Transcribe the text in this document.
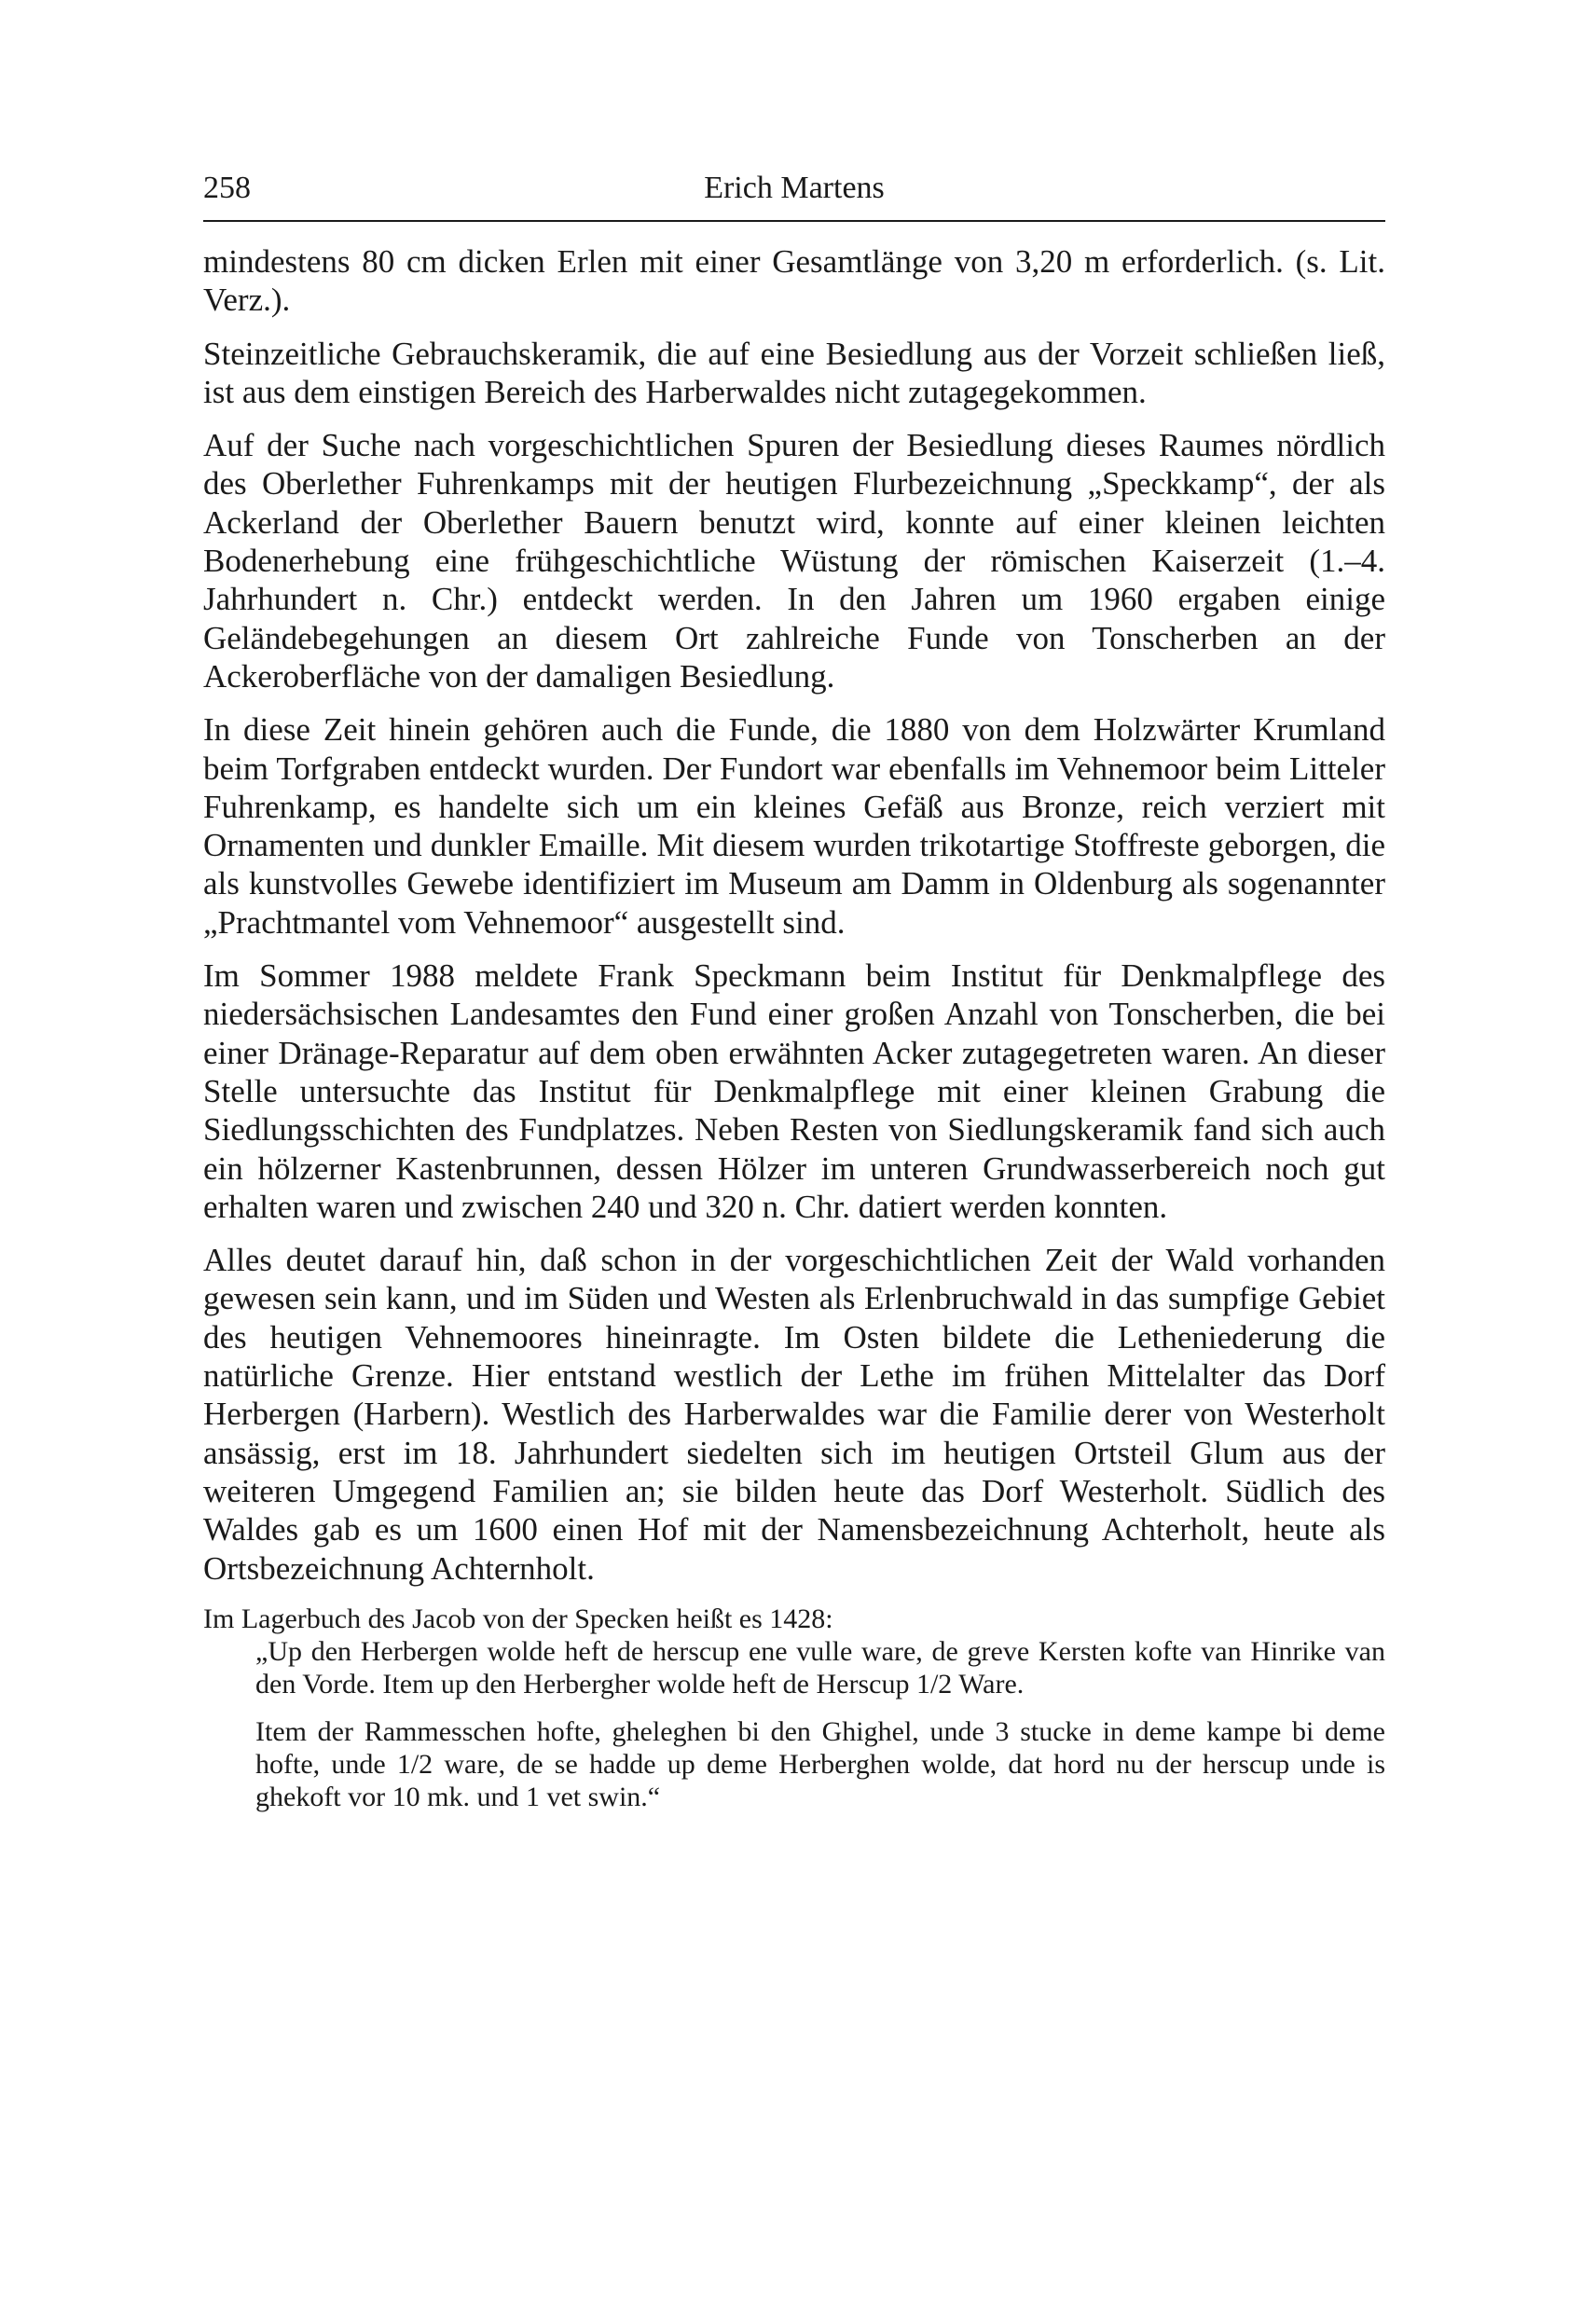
258	Erich Martens

mindestens 80 cm dicken Erlen mit einer Gesamtlänge von 3,20 m erforderlich. (s. Lit. Verz.).

Steinzeitliche Gebrauchskeramik, die auf eine Besiedlung aus der Vorzeit schließen ließ, ist aus dem einstigen Bereich des Harberwaldes nicht zutagegekommen.

Auf der Suche nach vorgeschichtlichen Spuren der Besiedlung dieses Raumes nördlich des Oberlether Fuhrenkamps mit der heutigen Flurbezeichnung „Speckkamp“, der als Ackerland der Oberlether Bauern benutzt wird, konnte auf einer kleinen leichten Bodenerhebung eine frühgeschichtliche Wüstung der römischen Kaiserzeit (1.–4. Jahrhundert n. Chr.) entdeckt werden. In den Jahren um 1960 ergaben einige Geländebegehungen an diesem Ort zahlreiche Funde von Tonscherben an der Ackeroberfläche von der damaligen Besiedlung.

In diese Zeit hinein gehören auch die Funde, die 1880 von dem Holzwärter Krumland beim Torfgraben entdeckt wurden. Der Fundort war ebenfalls im Vehnemoor beim Litteler Fuhrenkamp, es handelte sich um ein kleines Gefäß aus Bronze, reich verziert mit Ornamenten und dunkler Emaille. Mit diesem wurden trikotartige Stoffreste geborgen, die als kunstvolles Gewebe identifiziert im Museum am Damm in Oldenburg als sogenannter „Prachtmantel vom Vehnemoor“ ausgestellt sind.

Im Sommer 1988 meldete Frank Speckmann beim Institut für Denkmalpflege des niedersächsischen Landesamtes den Fund einer großen Anzahl von Tonscherben, die bei einer Dränage-Reparatur auf dem oben erwähnten Acker zutagegetreten waren. An dieser Stelle untersuchte das Institut für Denkmalpflege mit einer kleinen Grabung die Siedlungsschichten des Fundplatzes. Neben Resten von Siedlungskeramik fand sich auch ein hölzerner Kastenbrunnen, dessen Hölzer im unteren Grundwasserbereich noch gut erhalten waren und zwischen 240 und 320 n. Chr. datiert werden konnten.

Alles deutet darauf hin, daß schon in der vorgeschichtlichen Zeit der Wald vorhanden gewesen sein kann, und im Süden und Westen als Erlenbruchwald in das sumpfige Gebiet des heutigen Vehnemoores hineinragte. Im Osten bildete die Letheniederung die natürliche Grenze. Hier entstand westlich der Lethe im frühen Mittelalter das Dorf Herbergen (Harbern). Westlich des Harberwaldes war die Familie derer von Westerholt ansässig, erst im 18. Jahrhundert siedelten sich im heutigen Ortsteil Glum aus der weiteren Umgegend Familien an; sie bilden heute das Dorf Westerholt. Südlich des Waldes gab es um 1600 einen Hof mit der Namensbezeichnung Achterholt, heute als Ortsbezeichnung Achternholt.

Im Lagerbuch des Jacob von der Specken heißt es 1428:

„Up den Herbergen wolde heft de herscup ene vulle ware, de greve Kersten kofte van Hinrike van den Vorde. Item up den Herbergher wolde heft de Herscup 1/2 Ware.

Item der Rammesschen hofte, gheleghen bi den Ghighel, unde 3 stucke in deme kampe bi deme hofte, unde 1/2 ware, de se hadde up deme Herberghen wolde, dat hord nu der herscup unde is ghekoft vor 10 mk. und 1 vet swin.“
